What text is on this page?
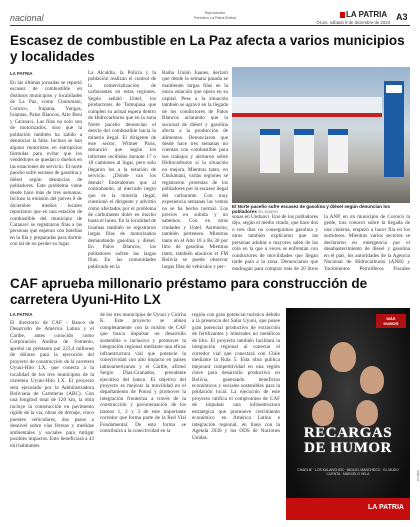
nacional	Reproducido
Periódico La Patria Bolivia
Oruro, sábado 9 de diciembre de 2023
LA PATRIA A3
Escasez de combustible en La Paz afecta a varios municipios y localidades
LA PATRIA

En las últimas jornadas se reportó escasez de combustible en distintos municipios y localidades de La Paz, como Chulumani, Coroico, Irupana, Yungas, Ixiamas, Palos Blancos, Alto Beni y Caranavi. Las filas no solo son de motorizados, sino que la población también ha salido a denunciar la falta. Incluso se han alguno motoristas en estropicios fórmulas para evitar que los vendedores se quedan o dueños en las estaciones de servicio. El norte paceño sufre escasez de gasolina y diésel según denuncias de pobladores. Este problema viene desde hace más de tres semanas. Incluso la emisión del jueves 8 de diciembre medios locales reportaron que en una estación de combustible del municipio de Caranavi se registraron filas a las personas que esperan con botellas en la fila y preparadas para dormir con tal de no perder su lugar.

La Alcaldía, la Policía y la población realizan el control de la comercialización de carburantes en estas regiones. Según señaló Untel, los productores de Tumupasa que cumplen su actual espera dentro de Hidrocarburos que en la zona Norte paceño denuncian el desvío del combustible hacia la minería ilegal. El dirigente de este sector, Wilmer Paris, denunció que según los informes recibidos durante 17 o 18 camiones al lugar, pero solo llegaron los a la estación de servicio. ¿Dónde van los demás? Entendemos que al contrabando, al mercado negro que es la minería ilegal, cuestionó el dirigente y advirtió cómo afectados por el problema de carburantes doler en mucho hasta el lunes. En la localidad de Ixiamas también se registraron largas filas de motorizados demandando gasolina y diésel. En Palos Blancos, los pobladores sufren las largas filas. En las comunidades publicado en la

Radio Unión Juanes, declaró que desde la semana pasada se mantienen largas filas en la única estación que opera en su capital. Pese a la situación también se agravó en la llegada de los conductores de Palos Blancos aclarando que la sucursal de diésel y gasolina afecta a la producción de alimentos. Denunciaron que desde hace tres semanas no cuentan con combustible para sus trabajos y alertaron sobre Hidrocarburos si la situación no mejora. Mientras tanto, en Chulumani, varias regiones se registraron protestas de los pobladores por la escasez ilegal del carburante. Con muy experiencia semanas las ventas no se ha hecho normal. Los precios en subida y no sabemos. Con en otras ciudades y Untel. Asimismo, también pertenece. Mientras tanto en el Alto 18 a Bs 30 por litro de gasolina. Mientras tanto, también atacaron el FM Bolivia se puede observar largas filas de vehículos y per-

El Norte paceño sufre escasez de gasolina y diésel según denuncian los pobladores /EL DIARIO

sonas en Unduavi. Uno de los pobladores dijo, según el medio citado, que hace dos o tres días no conseguimos gasolina y otros también explicaron que las personas adultas o mayores salen de las cola en la que a veces se enfrentan con conductores de movilidades que llegan tarde para a la zona. Denunciaron que madrugan para comprar más de 20 litros

la ANP, en un municipio de Coroico la gente, tras conocer sobre la llegada de una cisterna, empezó a hacer fila en los surtidores. Mientras varios sectores se declararon en emergencia por el desabastecimiento de diésel y gasolina en el país, los autoridades de la Agencia Nacional de Hidrocarburos (ANH) y Yacimientos Petrolíferos Fiscales

CAF aprueba millonario préstamo para construcción de carretera Uyuni-Hito LX
LA PATRIA

El directorio de CAF - Banco de Desarrollo de América Latina y el Caribe, antes conocido como Corporación Andina de Fomento, aprobó un préstamo por 223,4 millones de dólares para la ejecución del proyecto de construcción de la carretera Uyuni-Hito LX, que conecta a la localidad de los tres municipios de la carretera Uyuni-Hito LX. El proyecto será ejecutado por la Administradora Boliviana de Carreteras (ABC). Con una longitud total de 120 km, la obra incluye la construcción en pavimento rígido de la vía, obras de drenaje, cinco puentes vehiculares, dos pasos a desnivel sobre vías férreas y medidas ambientales y sociales para mitigar posibles impactos. Esto beneficiará a 43 mil habitantes

de los tres municipios de Uyuni y Colcha K. Este proyecto se alinea completamente con la misión de CAF que busca impulsar un desarrollo sostenible e inclusivo y promover la integración regional mediante una eficaz infraestructura vial que potencie la conectividad con alto impacto en países latinoamericanos y el Caribe, afirmó Sergio Díaz-Granados, presidente ejecutivo del banco. El objetivo del proyecto es mejorar la movilidad en el departamento de Potosí y promover la integración fronteriza a través de la construcción y pavimentación de los tramos 1, 2 y 3 de este importante corredor que forma parte de la Red Vial Fundamental. De esta forma se contribuirá a la conectividad en la

región con gran potencial turístico debido a la presencia del Salar Uyuni, que posee gran potencial productivo de extracción de fertilizantes y minerales no metálicos de litio. El proyecto también facilitará la integración regional al conectar el corredor vial que conectará con Chile mediante la Ruta 5. Esta obra publica mejorará competitividad en una región clave para desarrollo productivo en Bolivia, generando beneficios económicos y sociales sostenibles para la población local. La ejecución de este proyecto ratifica el compromiso de CAF de impulsar una infraestructura estratégica que promueve crecimiento económico en América Latina e integración regional, en línea con la Agenda 2030 y los ODS de Naciones Unidas.

MÁS
HUMOR
RECARGAS
DE HUMOR
CHARLIE · LOS KALANCHOS · MIGUEL MANCHEGO · EL MUDO CUENTA · MARCELO VELA
LA PATRIA
N880725
